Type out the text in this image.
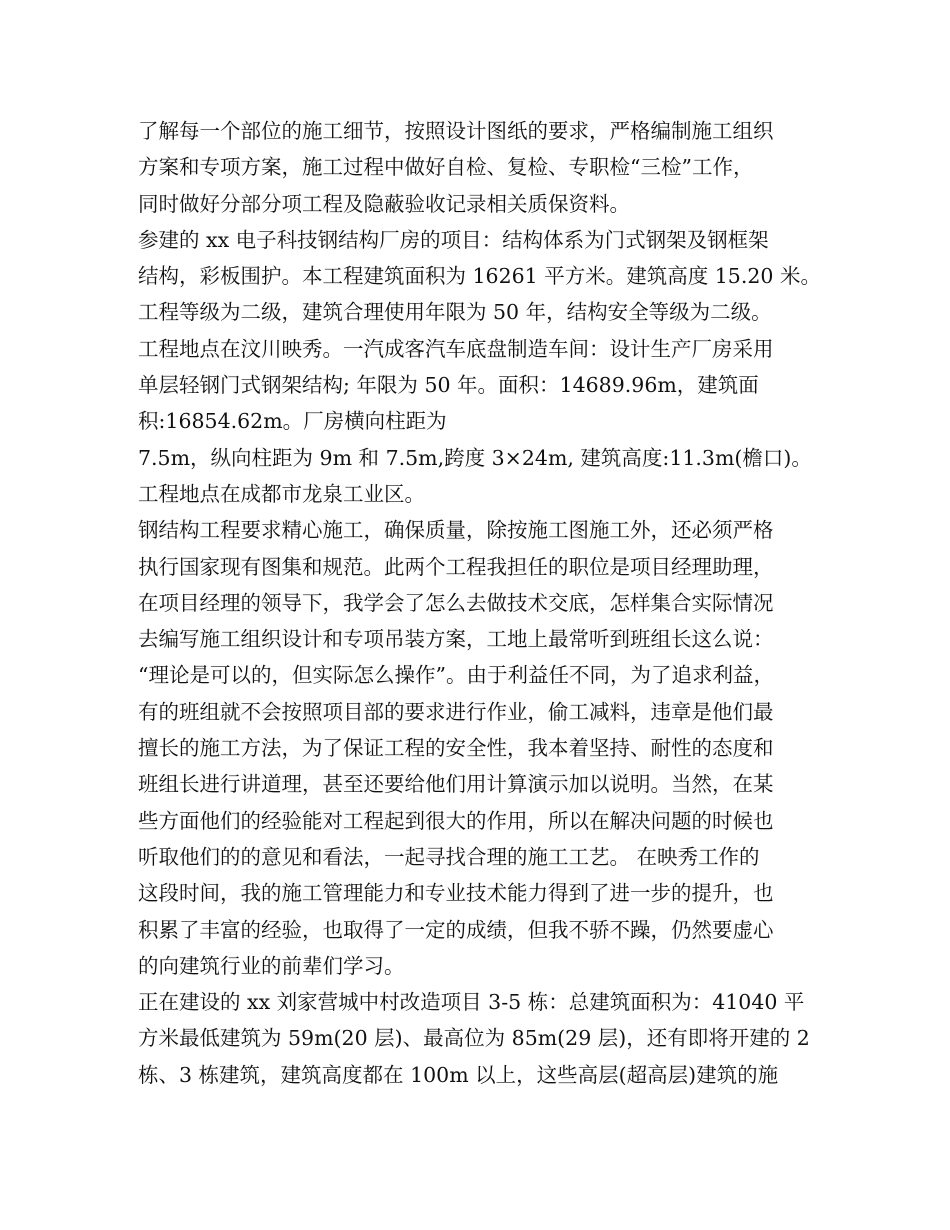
了解每一个部位的施工细节，按照设计图纸的要求，严格编制施工组织
方案和专项方案，施工过程中做好自检、复检、专职检“三检”工作，
同时做好分部分项工程及隐蔽验收记录相关质保资料。
参建的 xx 电子科技钢结构厂房的项目：结构体系为门式钢架及钢框架
结构，彩板围护。本工程建筑面积为 16261 平方米。建筑高度 15.20 米。
工程等级为二级，建筑合理使用年限为 50 年，结构安全等级为二级。
工程地点在汶川映秀。一汽成客汽车底盘制造车间：设计生产厂房采用
单层轻钢门式钢架结构; 年限为 50 年。面积：14689.96m，建筑面
积:16854.62m。厂房横向柱距为
7.5m，纵向柱距为 9m 和 7.5m,跨度 3×24m, 建筑高度:11.3m(檐口)。
工程地点在成都市龙泉工业区。
钢结构工程要求精心施工，确保质量，除按施工图施工外，还必须严格
执行国家现有图集和规范。此两个工程我担任的职位是项目经理助理，
在项目经理的领导下，我学会了怎么去做技术交底，怎样集合实际情况
去编写施工组织设计和专项吊装方案，工地上最常听到班组长这么说：
“理论是可以的，但实际怎么操作”。由于利益任不同，为了追求利益，
有的班组就不会按照项目部的要求进行作业，偷工减料，违章是他们最
擅长的施工方法，为了保证工程的安全性，我本着坚持、耐性的态度和
班组长进行讲道理，甚至还要给他们用计算演示加以说明。当然，在某
些方面他们的经验能对工程起到很大的作用，所以在解决问题的时候也
听取他们的的意见和看法，一起寻找合理的施工工艺。 在映秀工作的
这段时间，我的施工管理能力和专业技术能力得到了进一步的提升，也
积累了丰富的经验，也取得了一定的成绩，但我不骄不躁，仍然要虚心
的向建筑行业的前辈们学习。
正在建设的 xx 刘家营城中村改造项目 3-5 栋：总建筑面积为：41040 平
方米最低建筑为 59m(20 层)、最高位为 85m(29 层)，还有即将开建的 2
栋、3 栋建筑，建筑高度都在 100m 以上，这些高层(超高层)建筑的施
